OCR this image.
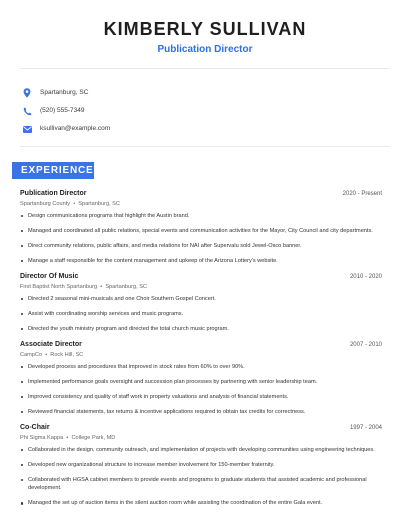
KIMBERLY SULLIVAN
Publication Director
Spartanburg, SC
(520) 555-7349
ksullivan@example.com
EXPERIENCE
Publication Director	2020 - Present
Spartanburg County  •  Spartanburg, SC
Design communications programs that highlight the Austin brand.
Managed and coordinated all public relations, special events and communication activities for the Mayor, City Council and city departments.
Direct community relations, public affairs, and media relations for NAI after Supervalu sold Jewel-Osco banner.
Manage a staff responsible for the content management and upkeep of the Arizona Lottery's website.
Director Of Music	2010 - 2020
First Baptist North Spartanburg  •  Spartanburg, SC
Directed 2 seasonal mini-musicals and one Choir Southern Gospel Concert.
Assist with coordinating worship services and music programs.
Directed the youth ministry program and directed the total church music program.
Associate Director	2007 - 2010
CampCo  •  Rock Hill, SC
Developed process and procedures that improved in stock rates from 60% to over 90%.
Implemented performance goals oversight and succession plan processes by partnering with senior leadership team.
Improved consistency and quality of staff work in property valuations and analysis of financial statements.
Reviewed financial statements, tax returns & incentive applications required to obtain tax credits for correctness.
Co-Chair	1997 - 2004
Phi Sigma Kappa  •  College Park, MD
Collaborated in the design, community outreach, and implementation of projects with developing communities using engineering techniques.
Developed new organizational structure to increase member involvement for 150-member fraternity.
Collaborated with HGSA cabinet members to provide events and programs to graduate students that assisted academic and professional development.
Managed the set up of auction items in the silent auction room while assisting the coordination of the entire Gala event.
